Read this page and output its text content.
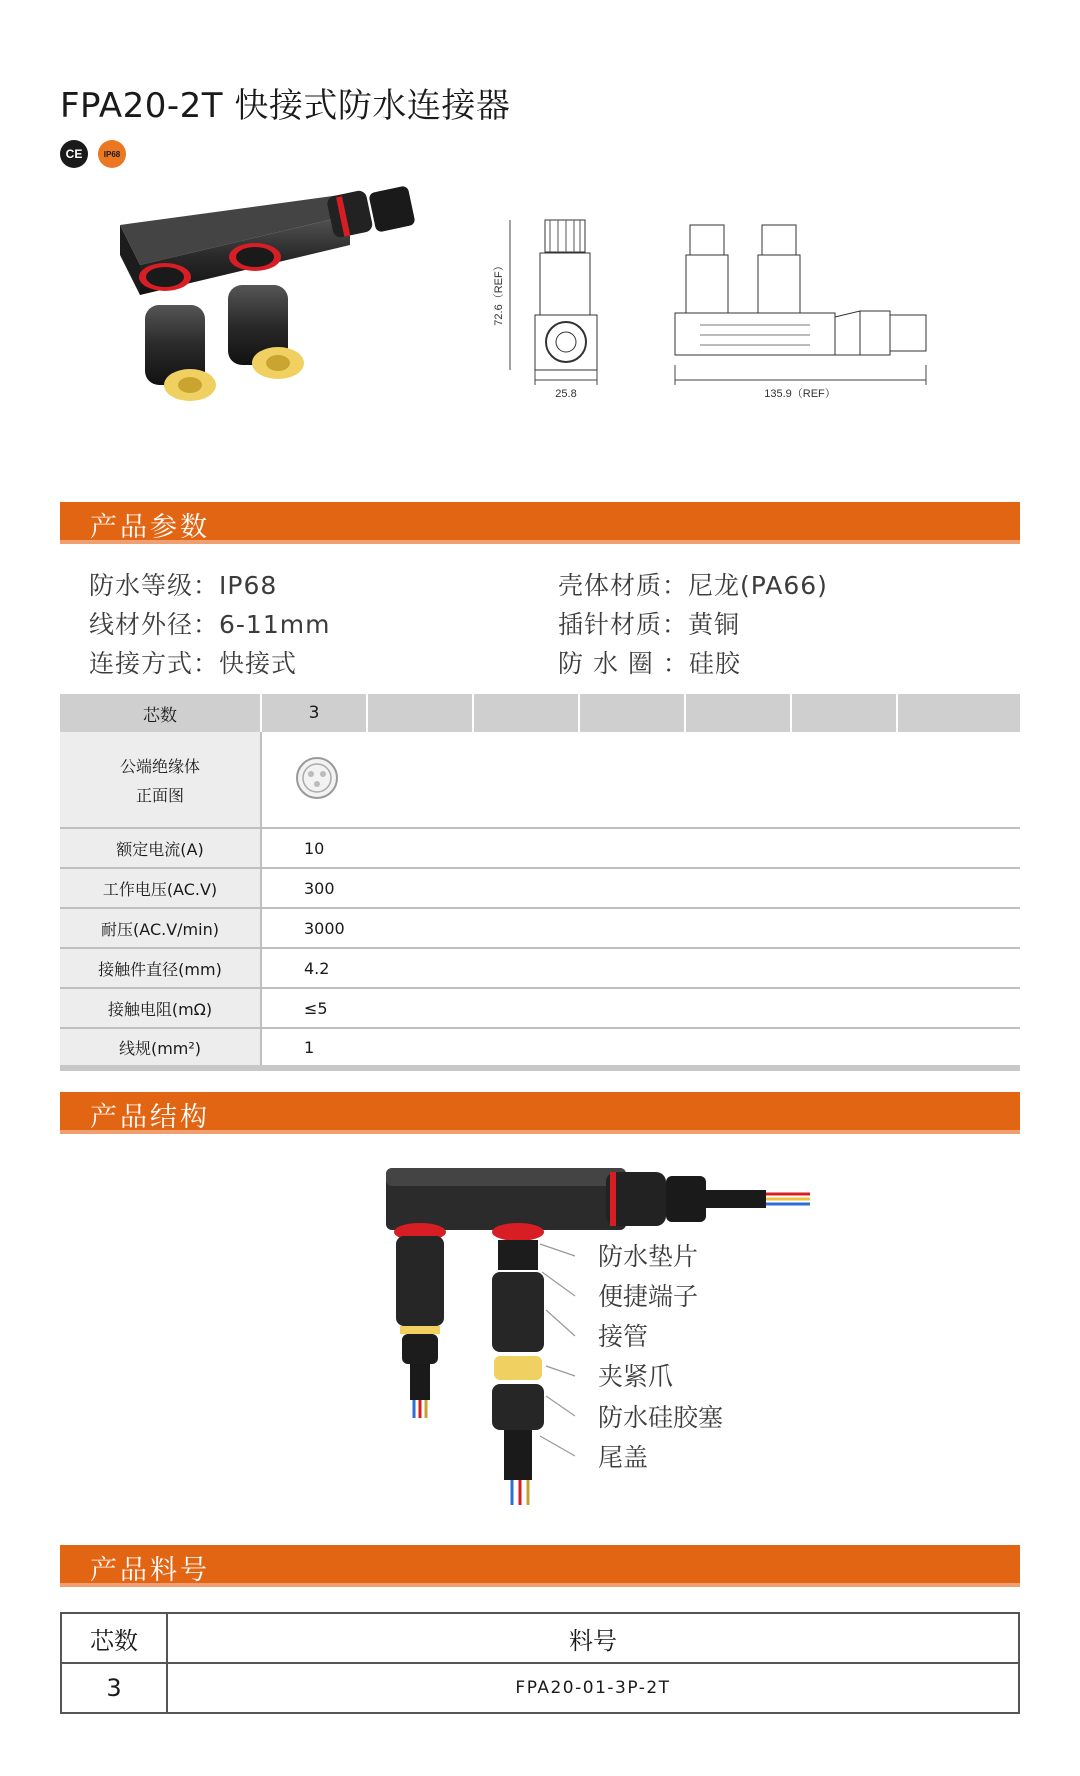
FPA20-2T 快接式防水连接器
CE	IP68
72.6（REF）
25.8	135.9（REF）
产品参数
防水等级：IP68
线材外径：6-11mm
连接方式：快接式
壳体材质：尼龙(PA66)
插针材质：黄铜
防 水 圈 ：硅胶
芯数	3						

公端绝缘体
正面图

额定电流(A)	10						
工作电压(AC.V)	300						
耐压(AC.V/min)	3000						
接触件直径(mm)	4.2						
接触电阻(mΩ)	≤5						
线规(mm²)	1						
产品结构
防水垫片
便捷端子
接管
夹紧爪
防水硅胶塞
尾盖
产品料号
芯数	料号
3	FPA20-01-3P-2T
